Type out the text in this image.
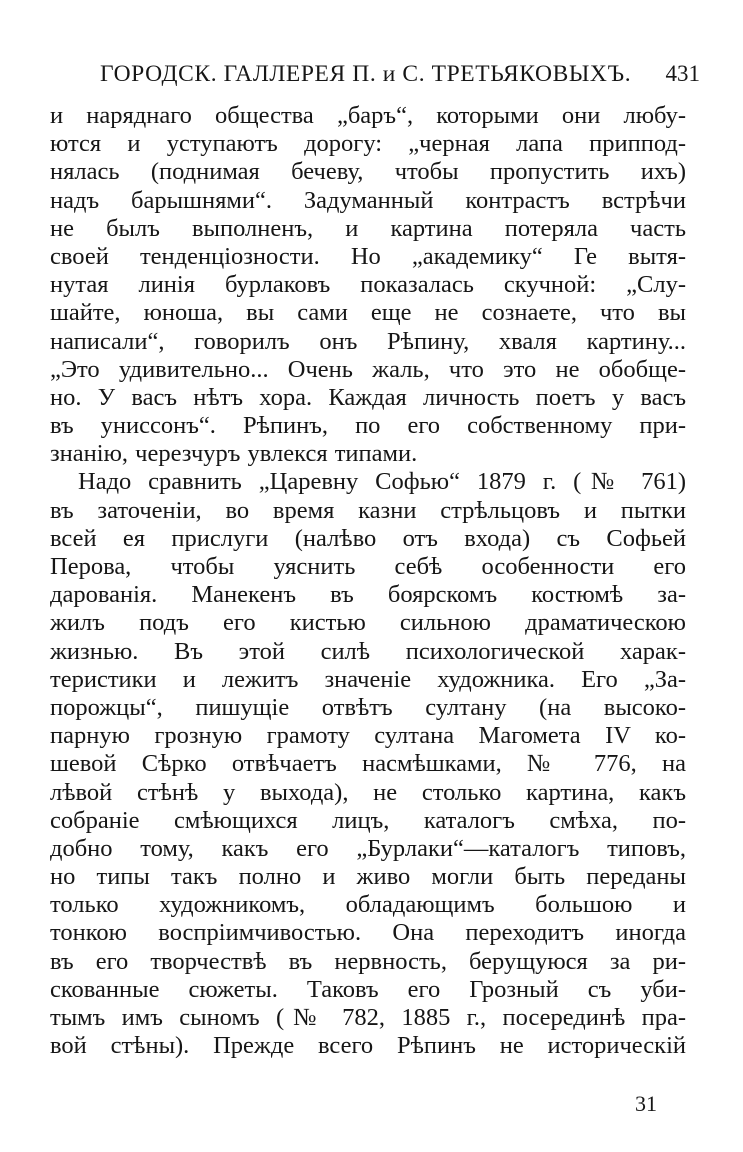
ГОРОДСК. ГАЛЛЕРЕЯ П. и С. ТРЕТЬЯКОВЫХЪ. 431
и наряднаго общества „баръ“, которыми они любу-
ются и уступаютъ дорогу: „черная лапа приппод-
нялась (поднимая бечеву, чтобы пропустить ихъ)
надъ барышнями“. Задуманный контрастъ встрѣчи
не былъ выполненъ, и картина потеряла часть
своей тенденціозности. Но „академику“ Ге вытя-
нутая линія бурлаковъ показалась скучной: „Слу-
шайте, юноша, вы сами еще не сознаете, что вы
написали“, говорилъ онъ Рѣпину, хваля картину...
„Это удивительно... Очень жаль, что это не обобще-
но. У васъ нѣтъ хора. Каждая личность поетъ у васъ
въ униссонъ“. Рѣпинъ, по его собственному при-
знанію, черезчуръ увлекся типами.
Надо сравнить „Царевну Софью“ 1879 г. (№ 761)
въ заточеніи, во время казни стрѣльцовъ и пытки
всей ея прислуги (налѣво отъ входа) съ Софьей
Перова, чтобы уяснить себѣ особенности его
дарованія. Манекенъ въ боярскомъ костюмѣ за-
жилъ подъ его кистью сильною драматическою
жизнью. Въ этой силѣ психологической харак-
теристики и лежитъ значеніе художника. Его „За-
порожцы“, пишущіе отвѣтъ султану (на высоко-
парную грозную грамоту султана Магомета IV ко-
шевой Сѣрко отвѣчаетъ насмѣшками, № 776, на
лѣвой стѣнѣ у выхода), не столько картина, какъ
собраніе смѣющихся лицъ, каталогъ смѣха, по-
добно тому, какъ его „Бурлаки“—каталогъ типовъ,
но типы такъ полно и живо могли быть переданы
только художникомъ, обладающимъ большою и
тонкою воспріимчивостью. Она переходитъ иногда
въ его творчествѣ въ нервность, берущуюся за ри-
скованные сюжеты. Таковъ его Грозный съ уби-
тымъ имъ сыномъ (№ 782, 1885 г., посерединѣ пра-
вой стѣны). Прежде всего Рѣпинъ не историческій
31
